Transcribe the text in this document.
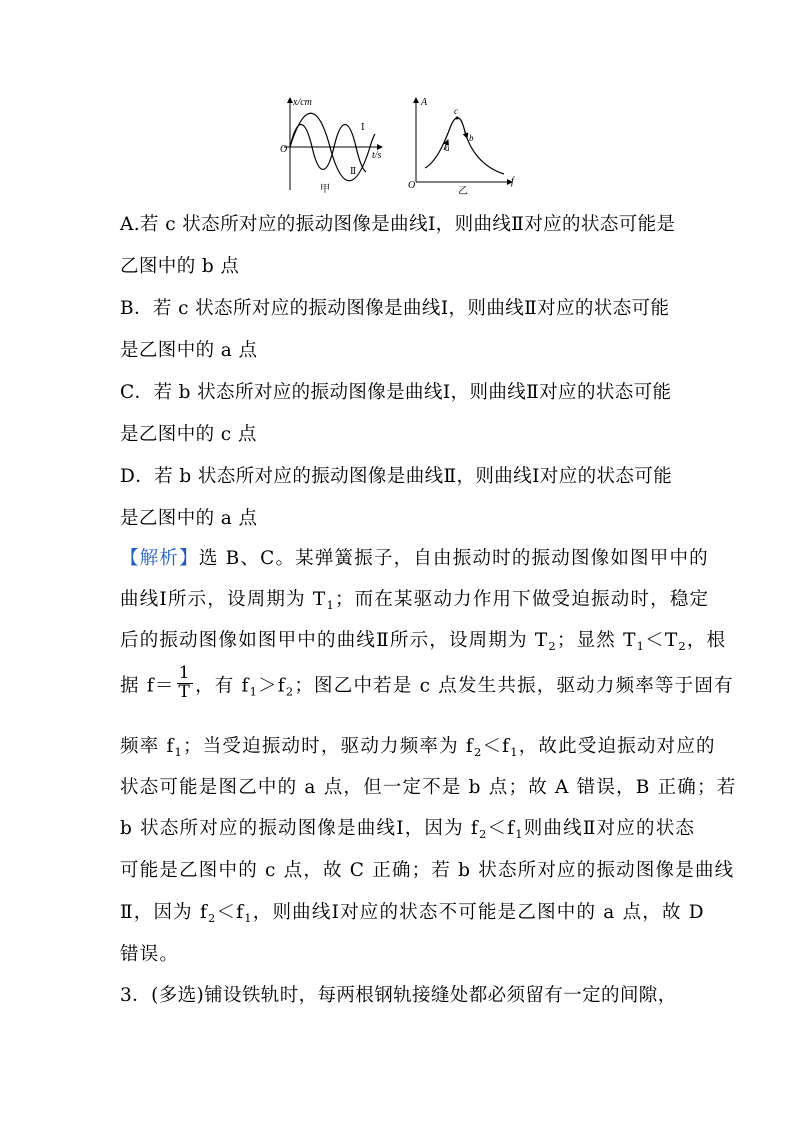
x/cm
t/s
O
Ⅰ
Ⅱ
甲
A
f
O
a
b
c
乙
A.若 c 状态所对应的振动图像是曲线Ⅰ，则曲线Ⅱ对应的状态可能是
乙图中的 b 点
B．若 c 状态所对应的振动图像是曲线Ⅰ，则曲线Ⅱ对应的状态可能
是乙图中的 a 点
C．若 b 状态所对应的振动图像是曲线Ⅰ，则曲线Ⅱ对应的状态可能
是乙图中的 c 点
D．若 b 状态所对应的振动图像是曲线Ⅱ，则曲线Ⅰ对应的状态可能
是乙图中的 a 点
【解析】选 B、C。某弹簧振子，自由振动时的振动图像如图甲中的
曲线Ⅰ所示，设周期为 $T_1$；而在某驱动力作用下做受迫振动时，稳定
后的振动图像如图甲中的曲线Ⅱ所示，设周期为 $T_2$；显然 $T_1<T_2$，根
据 $f= \frac{1}{T}$ ，有 $f_1>f_2$；图乙中若是 c 点发生共振，驱动力频率等于固有
频率 $f_1$；当受迫振动时，驱动力频率为 $f_2<f_1$，故此受迫振动对应的
状态可能是图乙中的 a 点，但一定不是 b 点；故 A 错误，B 正确；若
b 状态所对应的振动图像是曲线Ⅰ，因为 $f_2<f_1$则曲线Ⅱ对应的状态
可能是乙图中的 c 点，故 C 正确；若 b 状态所对应的振动图像是曲线
Ⅱ，因为 $f_2<f_1$，则曲线Ⅰ对应的状态不可能是乙图中的 a 点，故 D
错误。
3．(多选)铺设铁轨时，每两根钢轨接缝处都必须留有一定的间隙，
